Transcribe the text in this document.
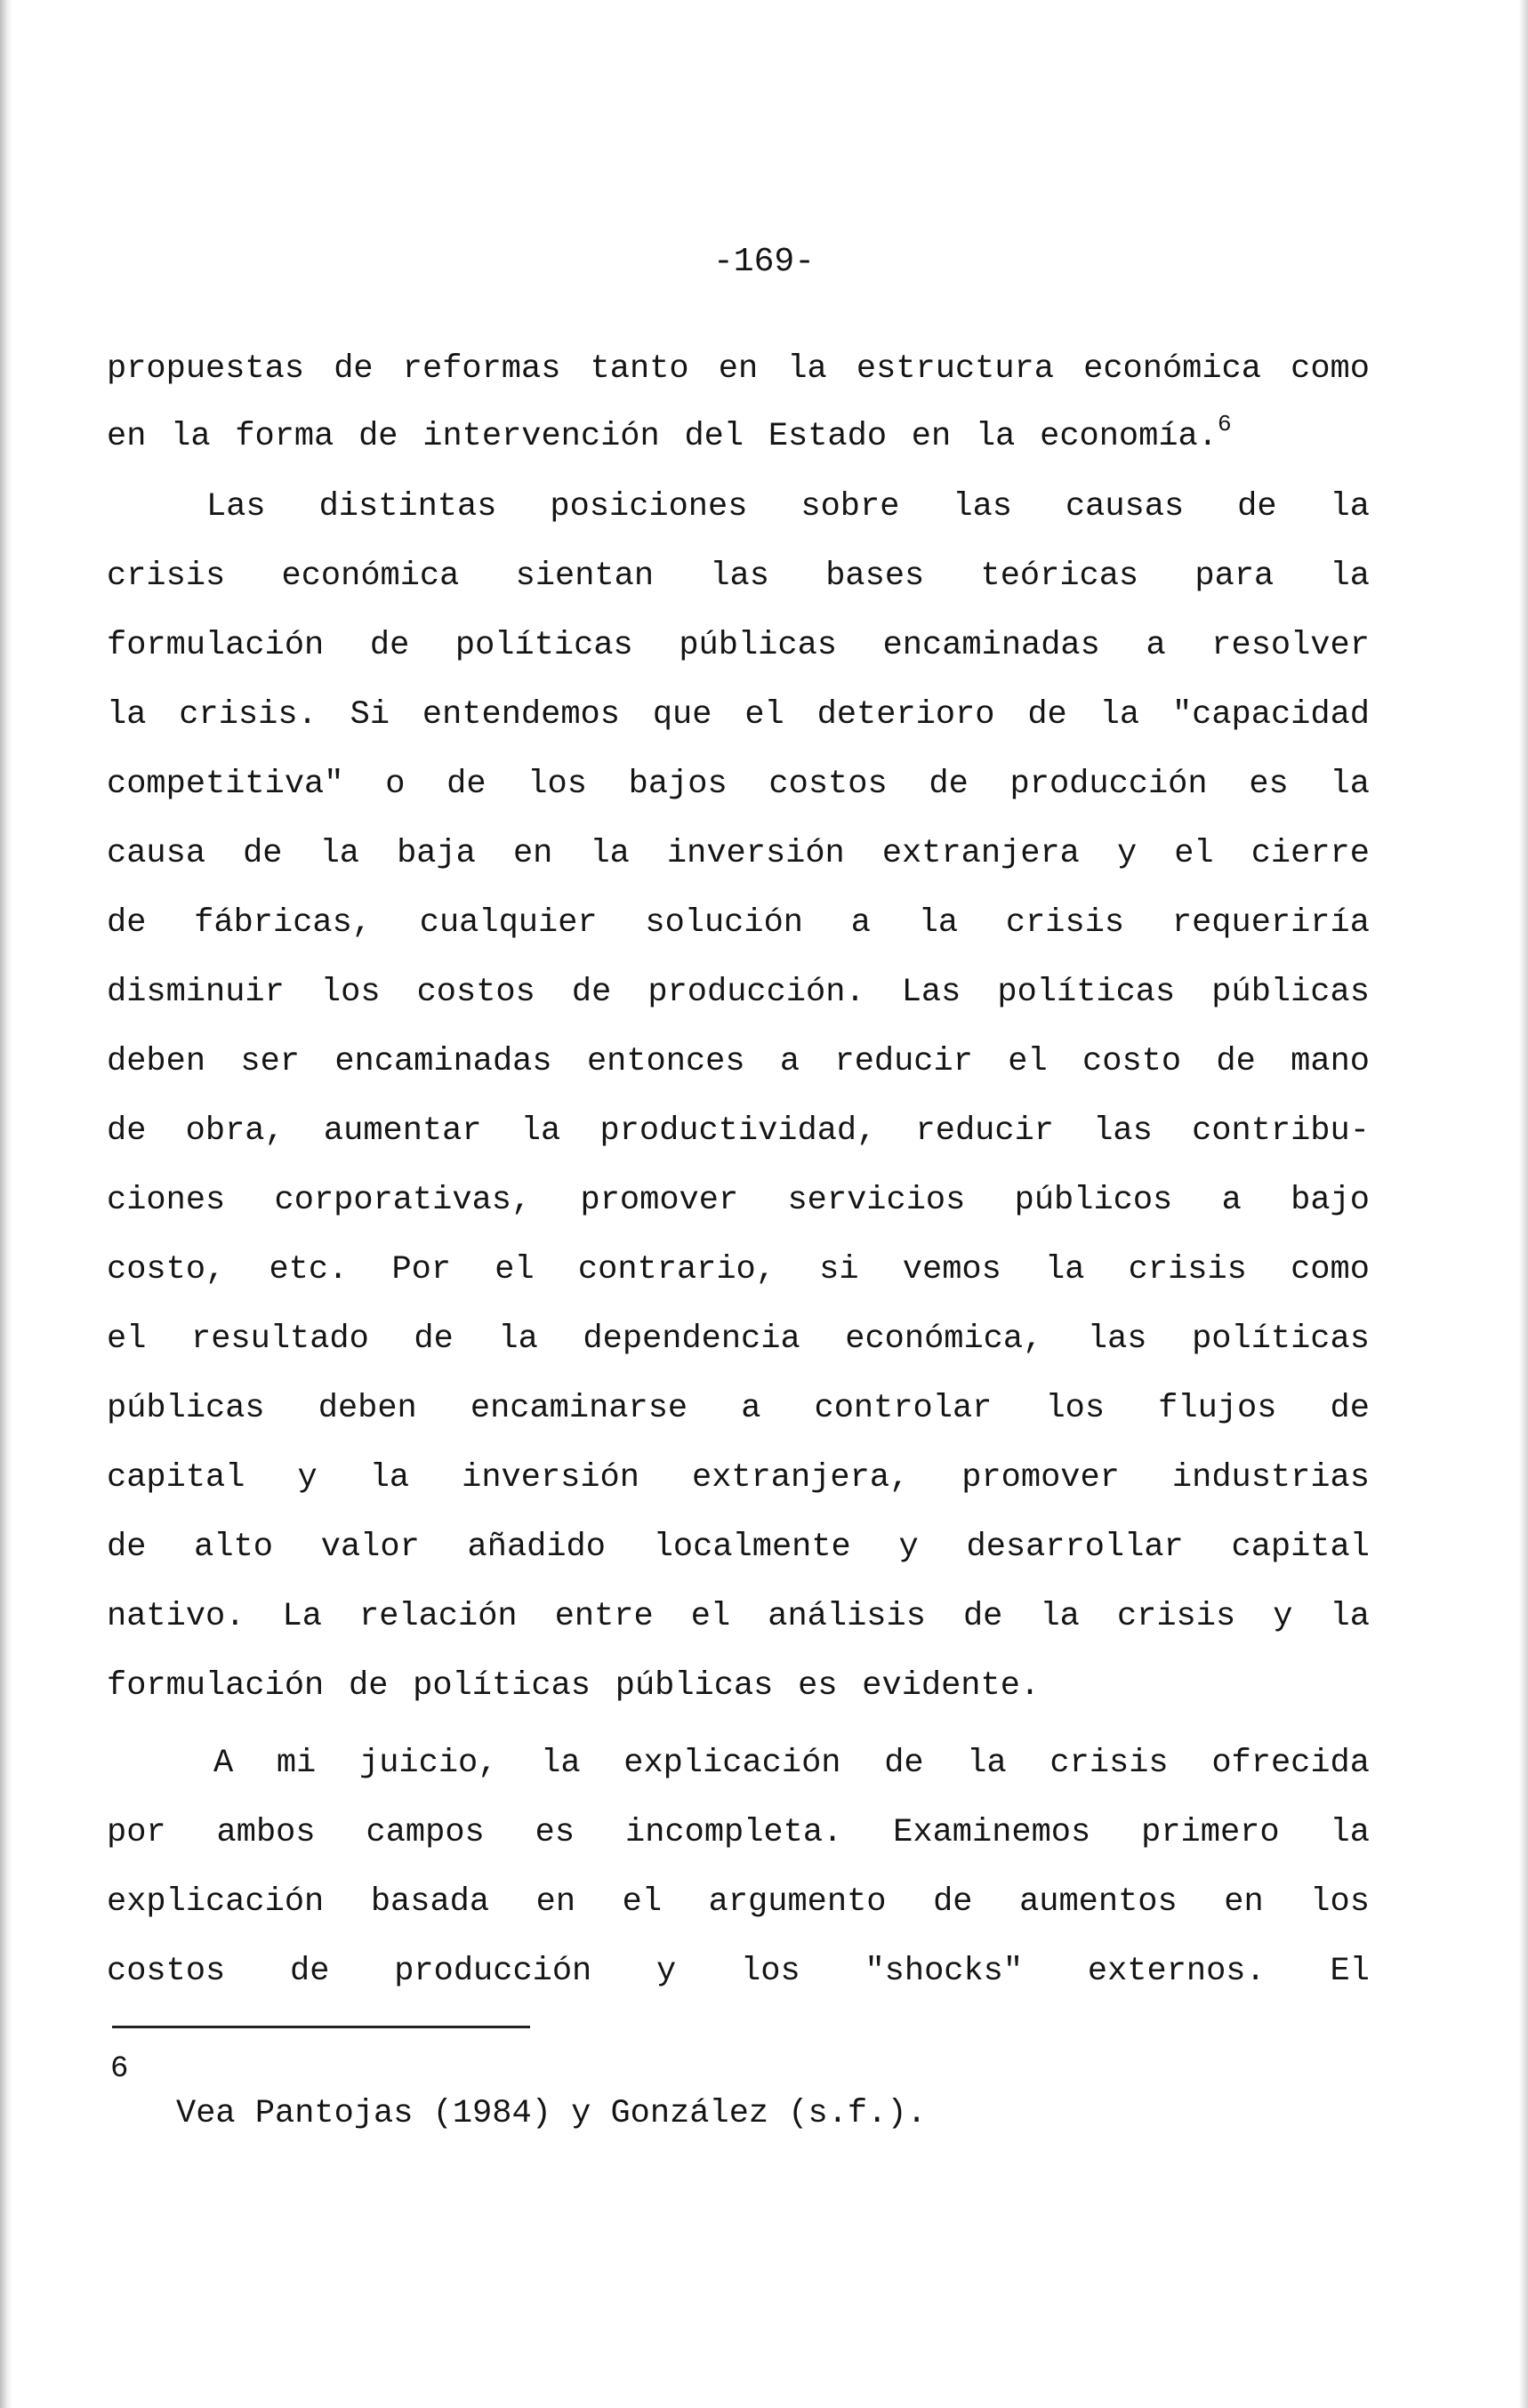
-169-
propuestas de reformas tanto en la estructura económica como
en la forma de intervención del Estado en la economía.$^6$
Las distintas posiciones sobre las causas de la
crisis económica sientan las bases teóricas para la
formulación de políticas públicas encaminadas a resolver
la crisis. Si entendemos que el deterioro de la "capacidad
competitiva" o de los bajos costos de producción es la
causa de la baja en la inversión extranjera y el cierre
de fábricas, cualquier solución a la crisis requeriría
disminuir los costos de producción. Las políticas públicas
deben ser encaminadas entonces a reducir el costo de mano
de obra, aumentar la productividad, reducir las contribu-
ciones corporativas, promover servicios públicos a bajo
costo, etc. Por el contrario, si vemos la crisis como
el resultado de la dependencia económica, las políticas
públicas deben encaminarse a controlar los flujos de
capital y la inversión extranjera, promover industrias
de alto valor añadido localmente y desarrollar capital
nativo. La relación entre el análisis de la crisis y la
formulación de políticas públicas es evidente.
A mi juicio, la explicación de la crisis ofrecida
por ambos campos es incompleta. Examinemos primero la
explicación basada en el argumento de aumentos en los
costos de producción y los "shocks" externos. El
6
Vea Pantojas (1984) y González (s.f.).
